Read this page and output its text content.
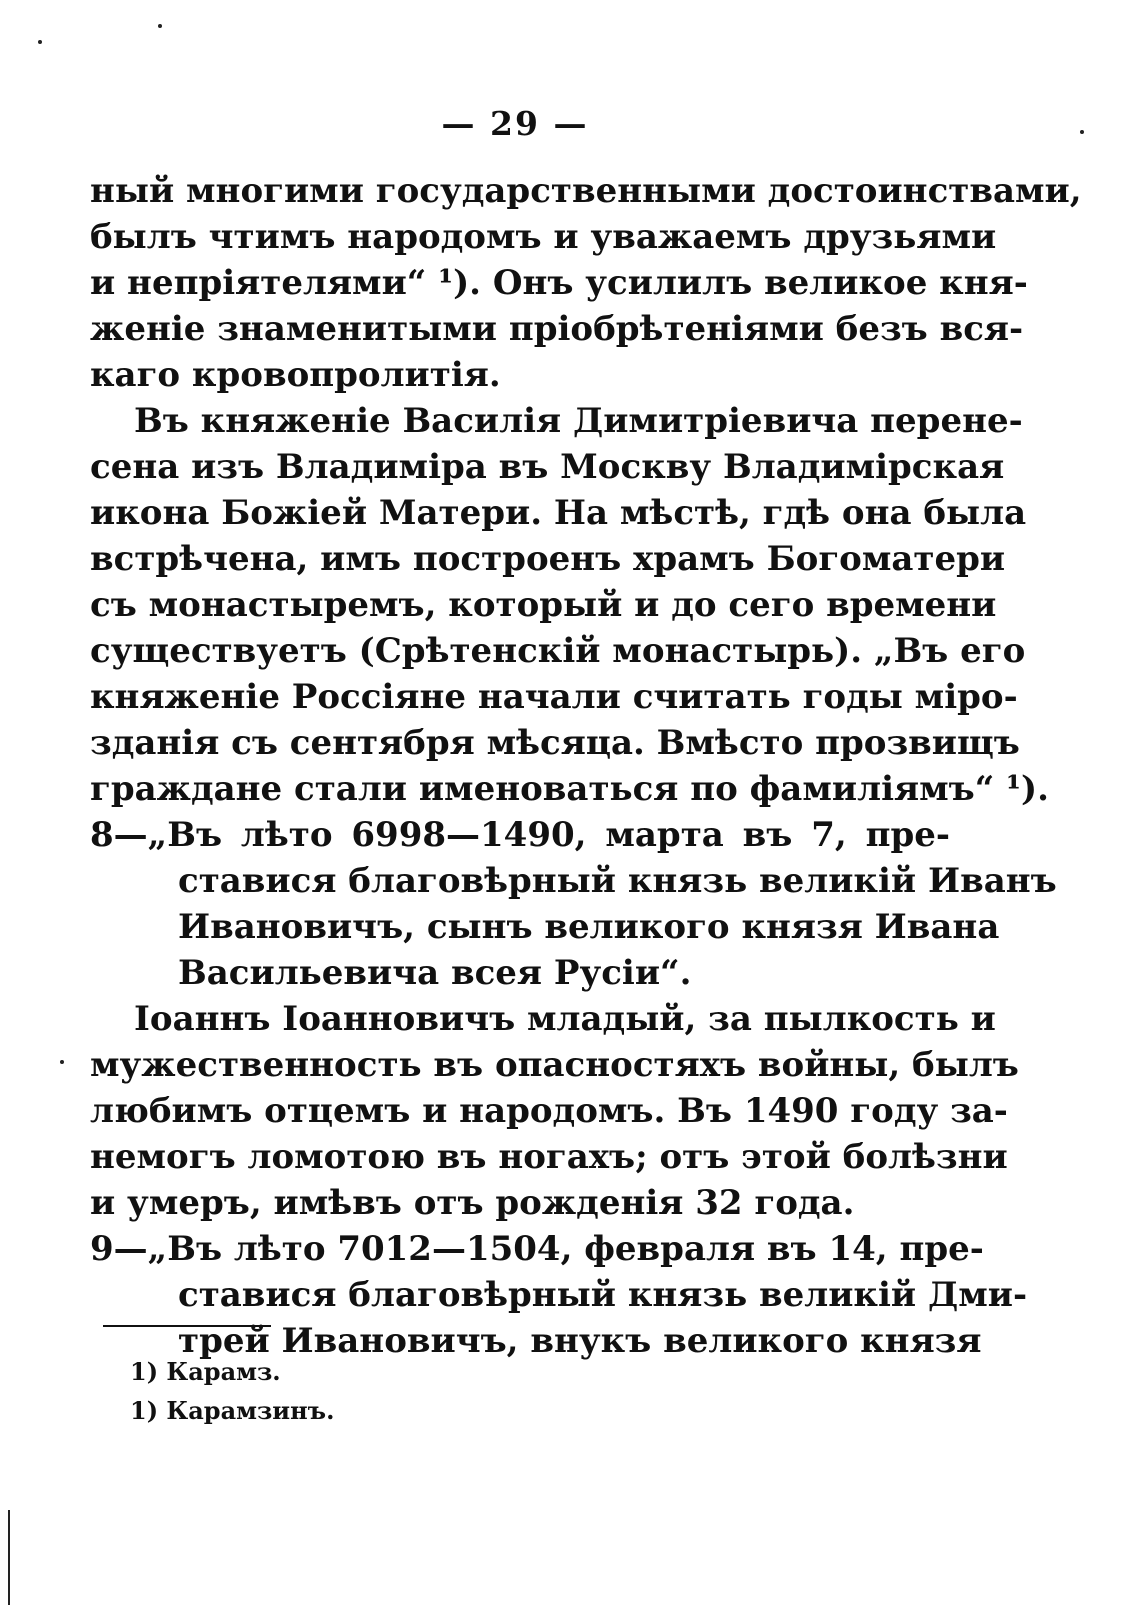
— 29 —
ный многими государственными достоинствами,
былъ чтимъ народомъ и уважаемъ друзьями
и непріятелями“ ¹). Онъ усилилъ великое кня-
женіе знаменитыми пріобрѣтеніями безъ вся-
каго кровопролитія.
Въ княженіе Василія Димитріевича перене-
сена изъ Владиміра въ Москву Владимірская
икона Божіей Матери. На мѣстѣ, гдѣ она была
встрѣчена, имъ построенъ храмъ Богоматери
съ монастыремъ, который и до сего времени
существуетъ (Срѣтенскій монастырь). „Въ его
княженіе Россіяне начали считать годы міро-
зданія съ сентября мѣсяца. Вмѣсто прозвищъ
граждане стали именоваться по фамиліямъ“ ¹).
8—„Въ лѣто 6998—1490, марта въ 7, пре-
ставися благовѣрный князь великій Иванъ
Ивановичъ, сынъ великого князя Ивана
Васильевича всея Русіи“.
Іоаннъ Іоанновичъ младый, за пылкость и
мужественность въ опасностяхъ войны, былъ
любимъ отцемъ и народомъ. Въ 1490 году за-
немогъ ломотою въ ногахъ; отъ этой болѣзни
и умеръ, имѣвъ отъ рожденія 32 года.
9—„Въ лѣто 7012—1504, февраля въ 14, пре-
ставися благовѣрный князь великій Дми-
трей Ивановичъ, внукъ великого князя
1) Карамз.
1) Карамзинъ.
